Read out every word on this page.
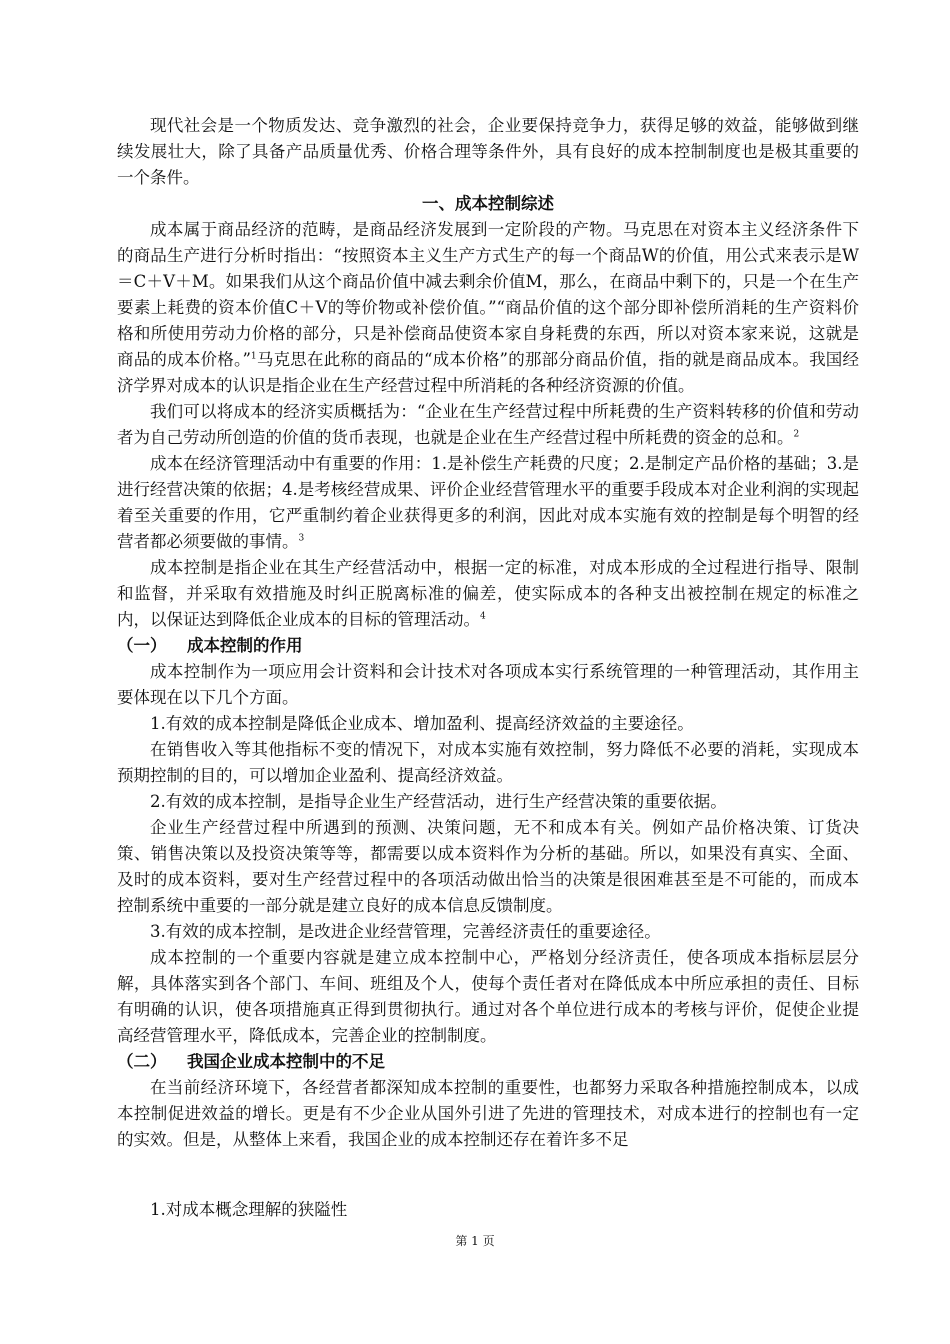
现代社会是一个物质发达、竞争激烈的社会，企业要保持竞争力，获得足够的效益，能够做到继续发展壮大，除了具备产品质量优秀、价格合理等条件外，具有良好的成本控制制度也是极其重要的一个条件。

一、成本控制综述

成本属于商品经济的范畴，是商品经济发展到一定阶段的产物。马克思在对资本主义经济条件下的商品生产进行分析时指出：“按照资本主义生产方式生产的每一个商品W的价值，用公式来表示是W＝C＋V＋M。如果我们从这个商品价值中减去剩余价值M，那么，在商品中剩下的，只是一个在生产要素上耗费的资本价值C＋V的等价物或补偿价值。”“商品价值的这个部分即补偿所消耗的生产资料价格和所使用劳动力价格的部分，只是补偿商品使资本家自身耗费的东西，所以对资本家来说，这就是商品的成本价格。”$^1$马克思在此称的商品的“成本价格”的那部分商品价值，指的就是商品成本。我国经济学界对成本的认识是指企业在生产经营过程中所消耗的各种经济资源的价值。

我们可以将成本的经济实质概括为：“企业在生产经营过程中所耗费的生产资料转移的价值和劳动者为自己劳动所创造的价值的货币表现，也就是企业在生产经营过程中所耗费的资金的总和。$^2$

成本在经济管理活动中有重要的作用：1.是补偿生产耗费的尺度；2.是制定产品价格的基础；3.是进行经营决策的依据；4.是考核经营成果、评价企业经营管理水平的重要手段成本对企业利润的实现起着至关重要的作用，它严重制约着企业获得更多的利润，因此对成本实施有效的控制是每个明智的经营者都必须要做的事情。$^3$

成本控制是指企业在其生产经营活动中，根据一定的标准，对成本形成的全过程进行指导、限制和监督，并采取有效措施及时纠正脱离标准的偏差，使实际成本的各种支出被控制在规定的标准之内，以保证达到降低企业成本的目标的管理活动。$^4$

（一） 成本控制的作用

成本控制作为一项应用会计资料和会计技术对各项成本实行系统管理的一种管理活动，其作用主要体现在以下几个方面。

1.有效的成本控制是降低企业成本、增加盈利、提高经济效益的主要途径。

在销售收入等其他指标不变的情况下，对成本实施有效控制，努力降低不必要的消耗，实现成本预期控制的目的，可以增加企业盈利、提高经济效益。

2.有效的成本控制，是指导企业生产经营活动，进行生产经营决策的重要依据。

企业生产经营过程中所遇到的预测、决策问题，无不和成本有关。例如产品价格决策、订货决策、销售决策以及投资决策等等，都需要以成本资料作为分析的基础。所以，如果没有真实、全面、及时的成本资料，要对生产经营过程中的各项活动做出恰当的决策是很困难甚至是不可能的，而成本控制系统中重要的一部分就是建立良好的成本信息反馈制度。

3.有效的成本控制，是改进企业经营管理，完善经济责任的重要途径。

成本控制的一个重要内容就是建立成本控制中心，严格划分经济责任，使各项成本指标层层分解，具体落实到各个部门、车间、班组及个人，使每个责任者对在降低成本中所应承担的责任、目标有明确的认识，使各项措施真正得到贯彻执行。通过对各个单位进行成本的考核与评价，促使企业提高经营管理水平，降低成本，完善企业的控制制度。

（二） 我国企业成本控制中的不足

在当前经济环境下，各经营者都深知成本控制的重要性，也都努力采取各种措施控制成本，以成本控制促进效益的增长。更是有不少企业从国外引进了先进的管理技术，对成本进行的控制也有一定的实效。但是，从整体上来看，我国企业的成本控制还存在着许多不足

1.对成本概念理解的狭隘性

第 1 页
